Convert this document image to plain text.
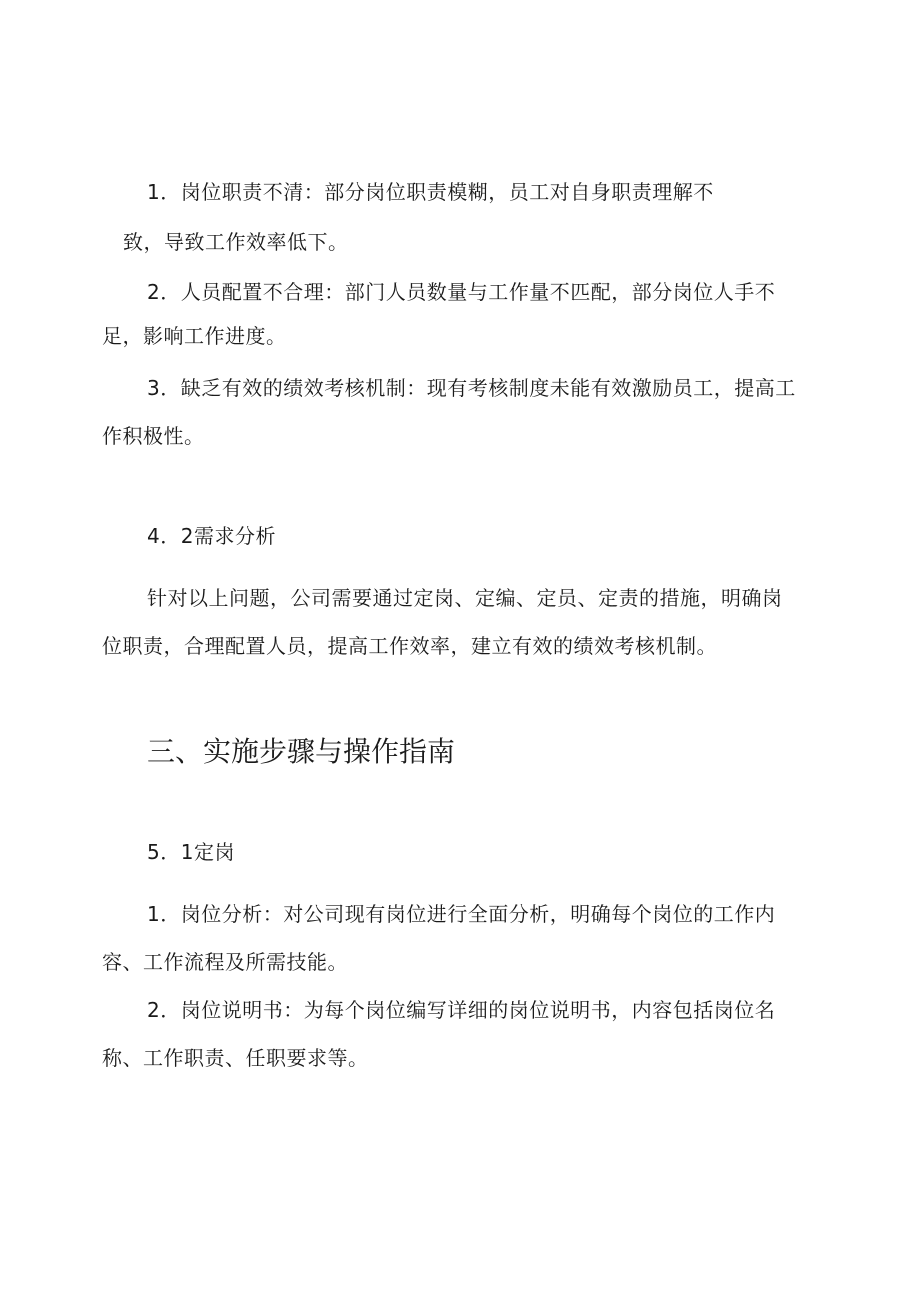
1．岗位职责不清：部分岗位职责模糊，员工对自身职责理解不

致，导致工作效率低下。

2．人员配置不合理：部门人员数量与工作量不匹配，部分岗位人手不

足，影响工作进度。

3．缺乏有效的绩效考核机制：现有考核制度未能有效激励员工，提高工

作积极性。

4．2需求分析

针对以上问题，公司需要通过定岗、定编、定员、定责的措施，明确岗

位职责，合理配置人员，提高工作效率，建立有效的绩效考核机制。

三、实施步骤与操作指南

5．1定岗

1．岗位分析：对公司现有岗位进行全面分析，明确每个岗位的工作内

容、工作流程及所需技能。

2．岗位说明书：为每个岗位编写详细的岗位说明书，内容包括岗位名

称、工作职责、任职要求等。
